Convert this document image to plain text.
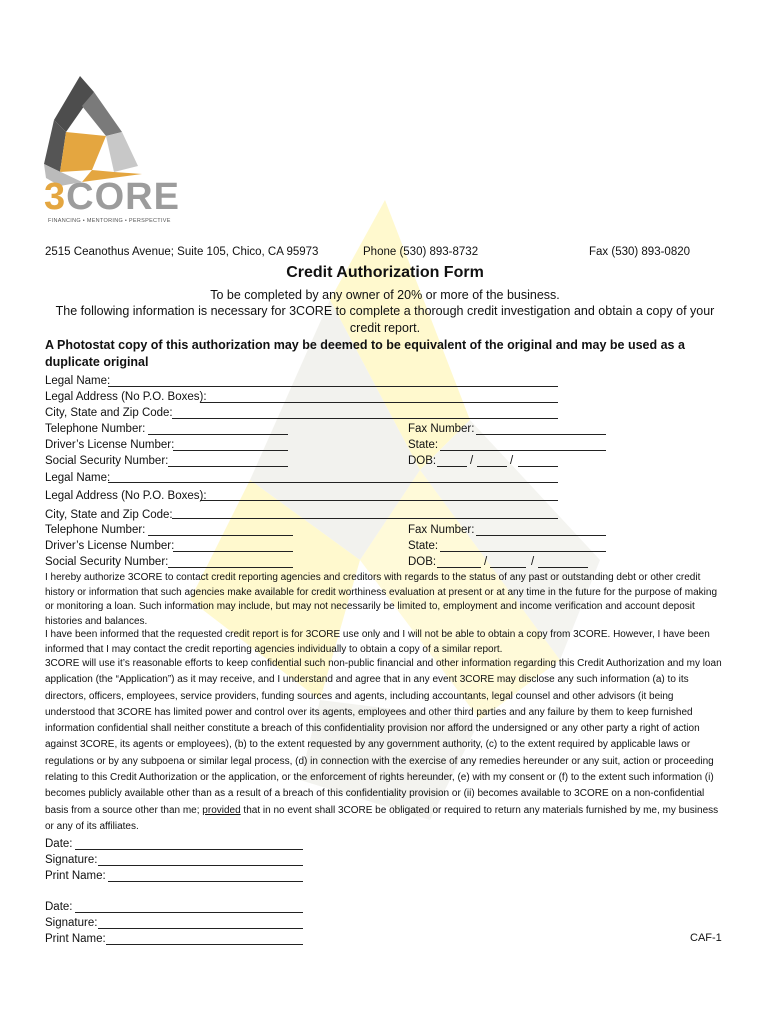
3CORE
FINANCING • MENTORING • PERSPECTIVE
2515 Ceanothus Avenue; Suite 105, Chico, CA 95973	Phone (530) 893-8732	Fax (530) 893-0820
Credit Authorization Form
To be completed by any owner of 20% or more of the business.
The following information is necessary for 3CORE to complete a thorough credit investigation and obtain a copy of your
credit report.
A Photostat copy of this authorization may be deemed to be equivalent of the original and may be used as a duplicate original
Legal Name:
Legal Address (No P.O. Boxes):
City, State and Zip Code:
Telephone Number:	Fax Number:
Driver’s License Number:	State:
Social Security Number:	DOB:	/	/
Legal Name:
Legal Address (No P.O. Boxes):
City, State and Zip Code:
Telephone Number:	Fax Number:
Driver’s License Number:	State:
Social Security Number:	DOB:	/	/
I hereby authorize 3CORE to contact credit reporting agencies and creditors with regards to the status of any past or outstanding debt or other credit history or information that such agencies make available for credit worthiness evaluation at present or at any time in the future for the purpose of making or monitoring a loan. Such information may include, but may not necessarily be limited to, employment and income verification and account deposit histories and balances.
I have been informed that the requested credit report is for 3CORE use only and I will not be able to obtain a copy from 3CORE. However, I have been informed that I may contact the credit reporting agencies individually to obtain a copy of a similar report.
3CORE will use it’s reasonable efforts to keep confidential such non-public financial and other information regarding this Credit Authorization and my loan application (the “Application”) as it may receive, and I understand and agree that in any event 3CORE may disclose any such information (a) to its directors, officers, employees, service providers, funding sources and agents, including accountants, legal counsel and other advisors (it being understood that 3CORE has limited power and control over its agents, employees and other third parties and any failure by them to keep furnished information confidential shall neither constitute a breach of this confidentiality provision nor afford the undersigned or any other party a right of action against 3CORE, its agents or employees), (b) to the extent requested by any government authority, (c) to the extent required by applicable laws or regulations or by any subpoena or similar legal process, (d) in connection with the exercise of any remedies hereunder or any suit, action or proceeding relating to this Credit Authorization or the application, or the enforcement of rights hereunder, (e) with my consent or (f) to the extent such information (i) becomes publicly available other than as a result of a breach of this confidentiality provision or (ii) becomes available to 3CORE on a non-confidential basis from a source other than me; provided that in no event shall 3CORE be obligated or required to return any materials furnished by me, my business or any of its affiliates.
Date:
Signature:
Print Name:
Date:
Signature:
Print Name:	CAF-1
